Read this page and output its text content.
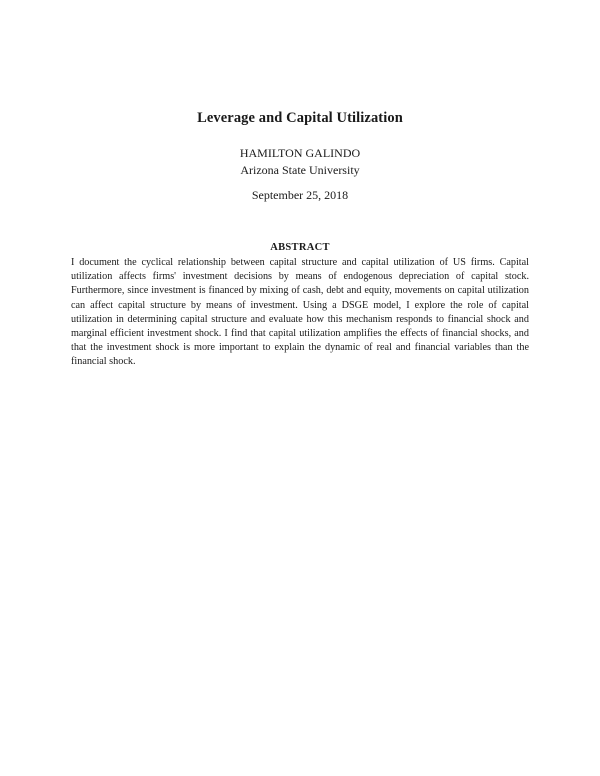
Leverage and Capital Utilization
HAMILTON GALINDO
Arizona State University
September 25, 2018
ABSTRACT
I document the cyclical relationship between capital structure and capital utilization of US firms. Capital utilization affects firms' investment decisions by means of endogenous depreciation of capital stock. Furthermore, since investment is financed by mixing of cash, debt and equity, movements on capital utilization can affect capital structure by means of investment. Using a DSGE model, I explore the role of capital utilization in determining capital structure and evaluate how this mechanism responds to financial shock and marginal efficient investment shock. I find that capital utilization amplifies the effects of financial shocks, and that the investment shock is more important to explain the dynamic of real and financial variables than the financial shock.
